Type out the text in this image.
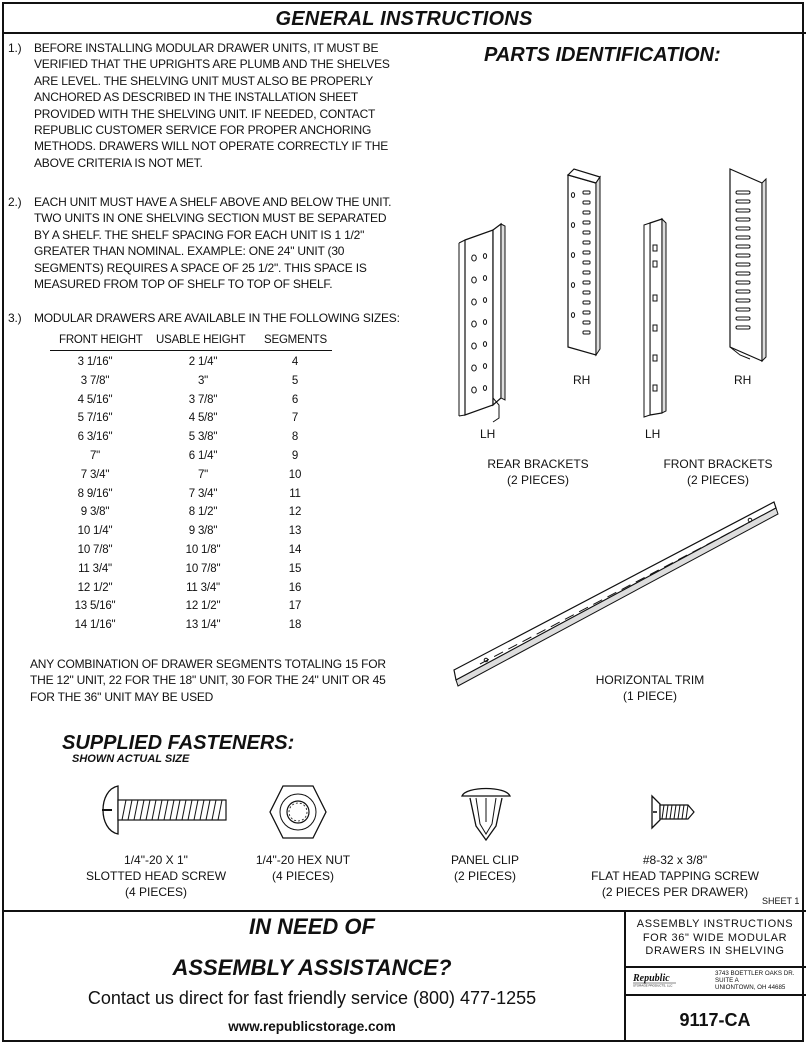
GENERAL INSTRUCTIONS
1.)	BEFORE INSTALLING MODULAR DRAWER UNITS, IT MUST BE VERIFIED THAT THE UPRIGHTS ARE PLUMB AND THE SHELVES ARE LEVEL. THE SHELVING UNIT MUST ALSO BE PROPERLY ANCHORED AS DESCRIBED IN THE INSTALLATION SHEET PROVIDED WITH THE SHELVING UNIT. IF NEEDED, CONTACT REPUBLIC CUSTOMER SERVICE FOR PROPER ANCHORING METHODS. DRAWERS WILL NOT OPERATE CORRECTLY IF THE ABOVE CRITERIA IS NOT MET.
2.)	EACH UNIT MUST HAVE A SHELF ABOVE AND BELOW THE UNIT. TWO UNITS IN ONE SHELVING SECTION MUST BE SEPARATED BY A SHELF. THE SHELF SPACING FOR EACH UNIT IS 1 1/2" GREATER THAN NOMINAL. EXAMPLE: ONE 24" UNIT (30 SEGMENTS) REQUIRES A SPACE OF 25 1/2". THIS SPACE IS MEASURED FROM TOP OF SHELF TO TOP OF SHELF.
3.)	MODULAR DRAWERS ARE AVAILABLE IN THE FOLLOWING SIZES:
FRONT HEIGHT USABLE HEIGHT SEGMENTS
3 1/16"	2 1/4"	4
3 7/8"	3"	5
4 5/16"	3 7/8"	6
5 7/16"	4 5/8"	7
6 3/16"	5 3/8"	8
7"	6 1/4"	9
7 3/4"	7"	10
8 9/16"	7 3/4"	11
9 3/8"	8 1/2"	12
10 1/4"	9 3/8"	13
10 7/8"	10 1/8"	14
11 3/4"	10 7/8"	15
12 1/2"	11 3/4"	16
13 5/16"	12 1/2"	17
14 1/16"	13 1/4"	18
ANY COMBINATION OF DRAWER SEGMENTS TOTALING 15 FOR THE 12" UNIT, 22 FOR THE 18" UNIT, 30 FOR THE 24" UNIT OR 45 FOR THE 36" UNIT MAY BE USED
PARTS IDENTIFICATION:
LH
RH
LH
RH
REAR BRACKETS
(2 PIECES)
FRONT BRACKETS
(2 PIECES)
HORIZONTAL TRIM
(1 PIECE)
SUPPLIED FASTENERS:
SHOWN ACTUAL SIZE
1/4"-20 X 1"
SLOTTED HEAD SCREW
(4 PIECES)
1/4"-20 HEX NUT
(4 PIECES)
PANEL CLIP
(2 PIECES)
#8-32 x 3/8"
FLAT HEAD TAPPING SCREW
(2 PIECES PER DRAWER)
SHEET 1
IN NEED OF
ASSEMBLY ASSISTANCE?
Contact us direct for fast friendly service (800) 477-1255
www.republicstorage.com
ASSEMBLY INSTRUCTIONS FOR 36" WIDE MODULAR DRAWERS IN SHELVING
Republic
STORAGE PRODUCTS, LLC
3743 BOETTLER OAKS DR.
SUITE A
UNIONTOWN, OH 44685
9117-CA
